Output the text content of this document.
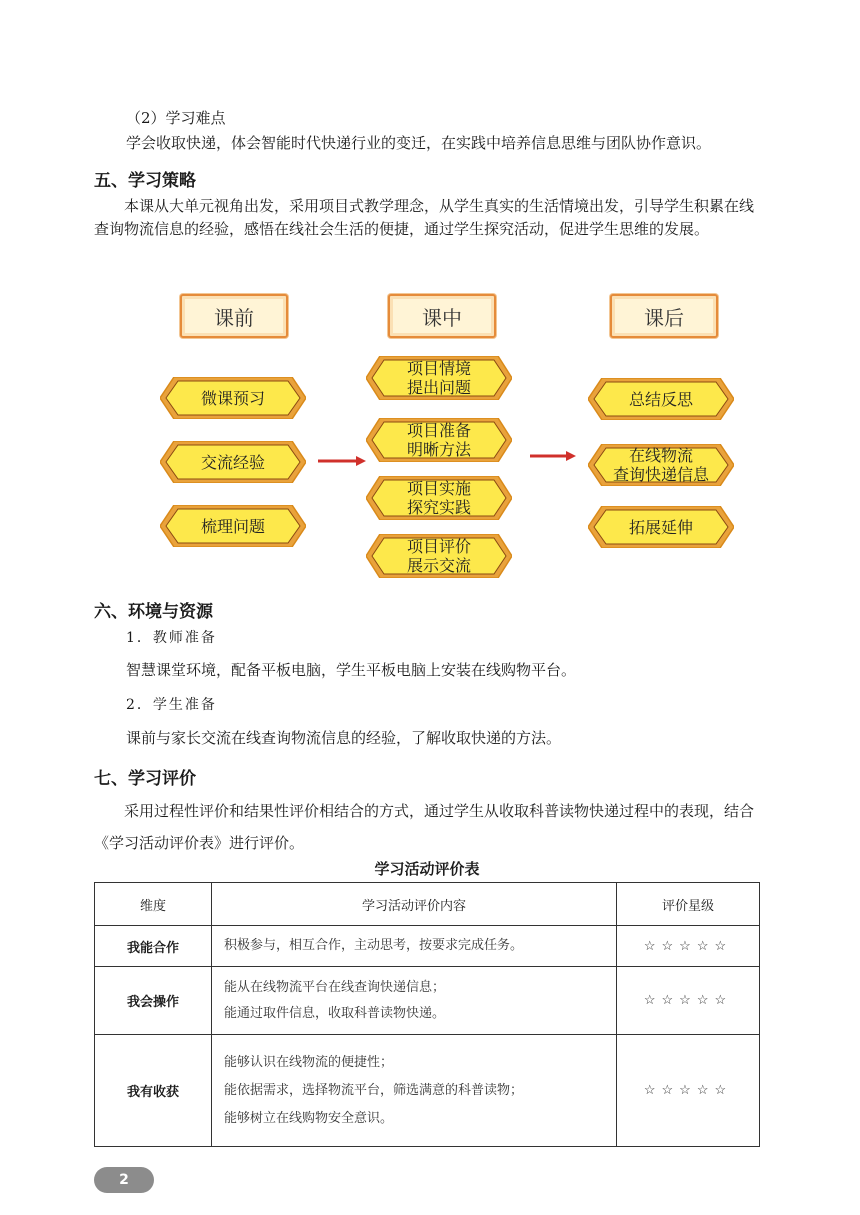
（2）学习难点
学会收取快递，体会智能时代快递行业的变迁，在实践中培养信息思维与团队协作意识。
五、学习策略
本课从大单元视角出发，采用项目式教学理念，从学生真实的生活情境出发，引导学生积累在线查询物流信息的经验，感悟在线社会生活的便捷，通过学生探究活动，促进学生思维的发展。
课前	课中	课后
微课预习
交流经验
梳理问题
项目情境
提出问题
项目准备
明晰方法
项目实施
探究实践
项目评价
展示交流
总结反思
在线物流
查询快递信息
拓展延伸
六、环境与资源
1．教师准备
智慧课堂环境，配备平板电脑，学生平板电脑上安装在线购物平台。
2．学生准备
课前与家长交流在线查询物流信息的经验，了解收取快递的方法。
七、学习评价
采用过程性评价和结果性评价相结合的方式，通过学生从收取科普读物快递过程中的表现，结合《学习活动评价表》进行评价。
学习活动评价表
维度	学习活动评价内容	评价星级
我能合作	积极参与，相互合作，主动思考，按要求完成任务。	☆☆☆☆☆
我会操作	能从在线物流平台在线查询快递信息；
能通过取件信息，收取科普读物快递。	☆☆☆☆☆
我有收获	能够认识在线物流的便捷性；
能依据需求，选择物流平台，筛选满意的科普读物；
能够树立在线购物安全意识。	☆☆☆☆☆
2
